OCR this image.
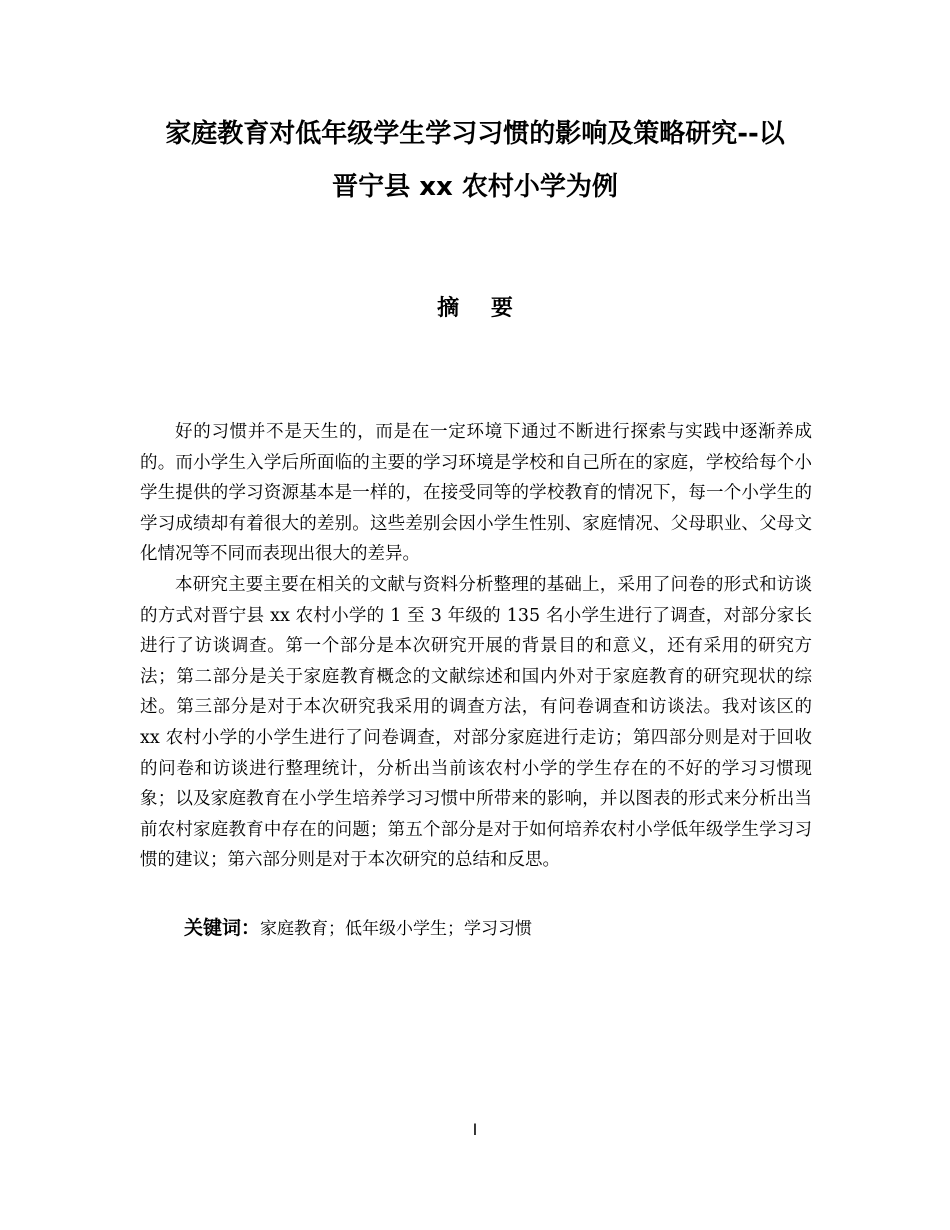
家庭教育对低年级学生学习习惯的影响及策略研究--以
晋宁县 xx 农村小学为例
摘 要

好的习惯并不是天生的，而是在一定环境下通过不断进行探索与实践中逐渐养成的。而小学生入学后所面临的主要的学习环境是学校和自己所在的家庭，学校给每个小学生提供的学习资源基本是一样的，在接受同等的学校教育的情况下，每一个小学生的学习成绩却有着很大的差别。这些差别会因小学生性别、家庭情况、父母职业、父母文化情况等不同而表现出很大的差异。

本研究主要主要在相关的文献与资料分析整理的基础上，采用了问卷的形式和访谈的方式对晋宁县 xx 农村小学的 1 至 3 年级的 135 名小学生进行了调查，对部分家长进行了访谈调查。第一个部分是本次研究开展的背景目的和意义，还有采用的研究方法；第二部分是关于家庭教育概念的文献综述和国内外对于家庭教育的研究现状的综述。第三部分是对于本次研究我采用的调查方法，有问卷调查和访谈法。我对该区的 xx 农村小学的小学生进行了问卷调查，对部分家庭进行走访；第四部分则是对于回收的问卷和访谈进行整理统计，分析出当前该农村小学的学生存在的不好的学习习惯现象；以及家庭教育在小学生培养学习习惯中所带来的影响，并以图表的形式来分析出当前农村家庭教育中存在的问题；第五个部分是对于如何培养农村小学低年级学生学习习惯的建议；第六部分则是对于本次研究的总结和反思。

关键词：家庭教育；低年级小学生；学习习惯
I
